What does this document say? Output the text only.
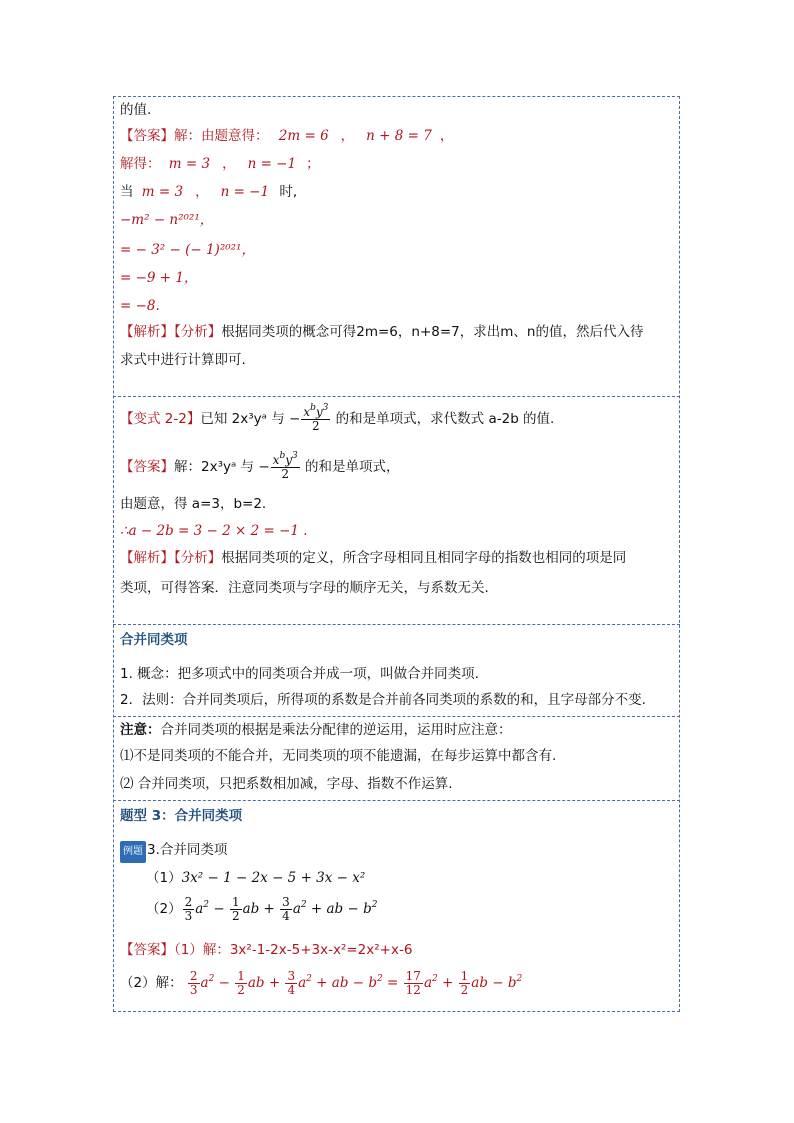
的值.
【答案】解：由题意得： 2m = 6 ， n + 8 = 7 ，
解得： m = 3 ， n = −1 ；
当 m = 3 ， n = −1 时,
−m² − n²⁰²¹，
= − 3² − (− 1)²⁰²¹，
= −9 + 1，
= −8.
【解析】【分析】根据同类项的概念可得2m=6，n+8=7，求出m、n的值，然后代入待
求式中进行计算即可.
【变式 2-2】已知 2x³yᵃ 与 − $\frac{x^by^3}{2}$ 的和是单项式，求代数式 a-2b 的值.
【答案】解：2x³yᵃ 与 − $\frac{x^by^3}{2}$ 的和是单项式，
由题意，得 a=3，b=2.
∴a − 2b = 3 − 2 × 2 = −1 .
【解析】【分析】根据同类项的定义，所含字母相同且相同字母的指数也相同的项是同
类项，可得答案．注意同类项与字母的顺序无关，与系数无关.
合并同类项
1. 概念：把多项式中的同类项合并成一项，叫做合并同类项.
2．法则：合并同类项后，所得项的系数是合并前各同类项的系数的和，且字母部分不变.
注意：合并同类项的根据是乘法分配律的逆运用，运用时应注意：
⑴不是同类项的不能合并，无同类项的项不能遗漏，在每步运算中都含有.
⑵ 合并同类项，只把系数相加减，字母、指数不作运算.
题型 3：合并同类项
例题 3.合并同类项
（1）3x² − 1 − 2x − 5 + 3x − x²
$(2) \frac{2}{3} a^2 - \frac{1}{2}$ ab + $\frac{3}{4} a^2$ + ab − $b^2$
【答案】（1）解：3x²-1-2x-5+3x-x²=2x²+x-6
（2）解： $\frac{2}{3} a^2 - \frac{1}{2}$ ab + $\frac{3}{4} a^2$ + ab − $b^2 = \frac{17}{12} a^2 + \frac{1}{2}$ ab − $b^2$
